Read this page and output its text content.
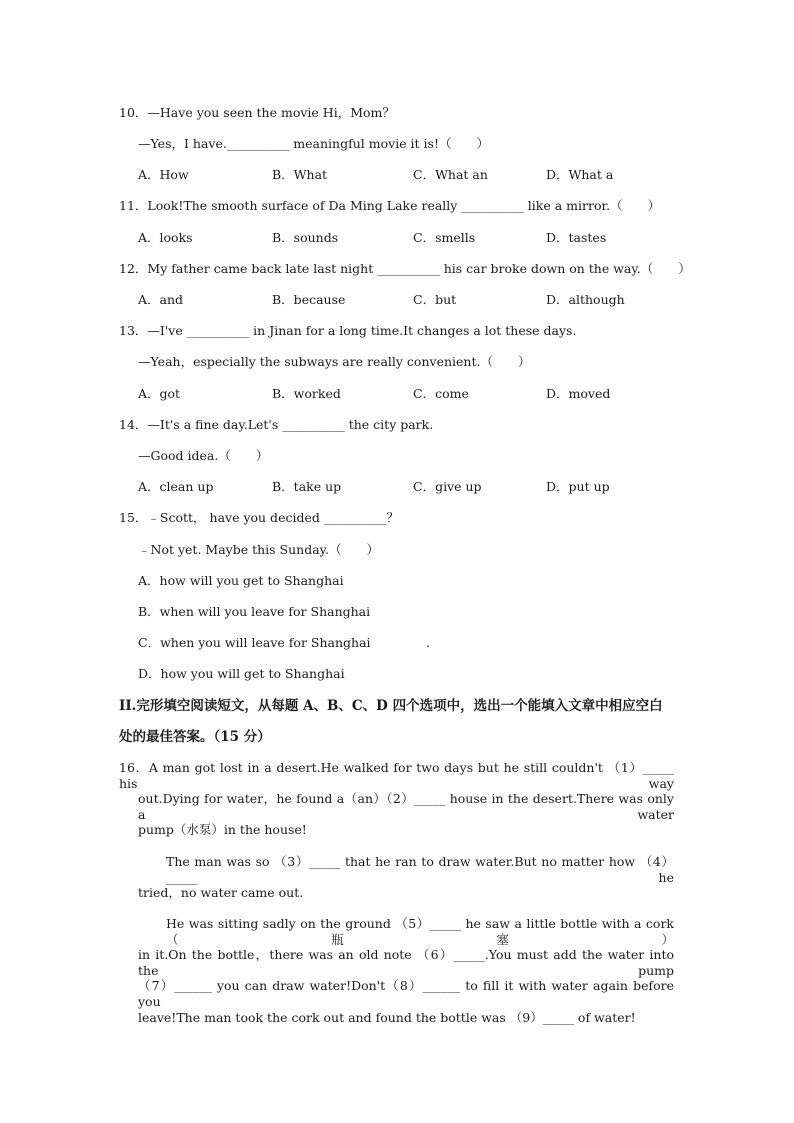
10．—Have you seen the movie Hi，Mom？
—Yes，I have.__________ meaningful movie it is!（　　）
A．How	B．What	C．What an	D．What a
11．Look!The smooth surface of Da Ming Lake really __________ like a mirror.（　　）
A．looks	B．sounds	C．smells	D．tastes
12．My father came back late last night __________ his car broke down on the way.（　　）
A．and	B．because	C．but	D．although
13．—I've __________ in Jinan for a long time.It changes a lot these days.
—Yeah，especially the subways are really convenient.（　　）
A．got	B．worked	C．come	D．moved
14．—It's a fine day.Let's __________ the city park.
—Good idea.（　　）
A．clean up	B．take up	C．give up	D．put up
15．﹣Scott， have you decided __________？
﹣Not yet. Maybe this Sunday.（　　）
A．how will you get to Shanghai
B．when will you leave for Shanghai
C．when you will leave for Shanghai	.
D．how you will get to Shanghai
II.完形填空阅读短文，从每题 A、B、C、D 四个选项中，选出一个能填入文章中相应空白
处的最佳答案。（15 分）
16．A man got lost in a desert.He walked for two days but he still couldn't （1）_____ his way
out.Dying for water，he found a（an）（2）_____ house in the desert.There was only a water
pump（水泵）in the house!
The man was so （3）_____ that he ran to draw water.But no matter how （4）_____ he
tried，no water came out.
He was sitting sadly on the ground （5）_____ he saw a little bottle with a cork（瓶塞）
in it.On the bottle，there was an old note （6）_____.You must add the water into the pump
（7）______ you can draw water!Don't（8）______ to fill it with water again before you
leave!The man took the cork out and found the bottle was （9）_____ of water!
